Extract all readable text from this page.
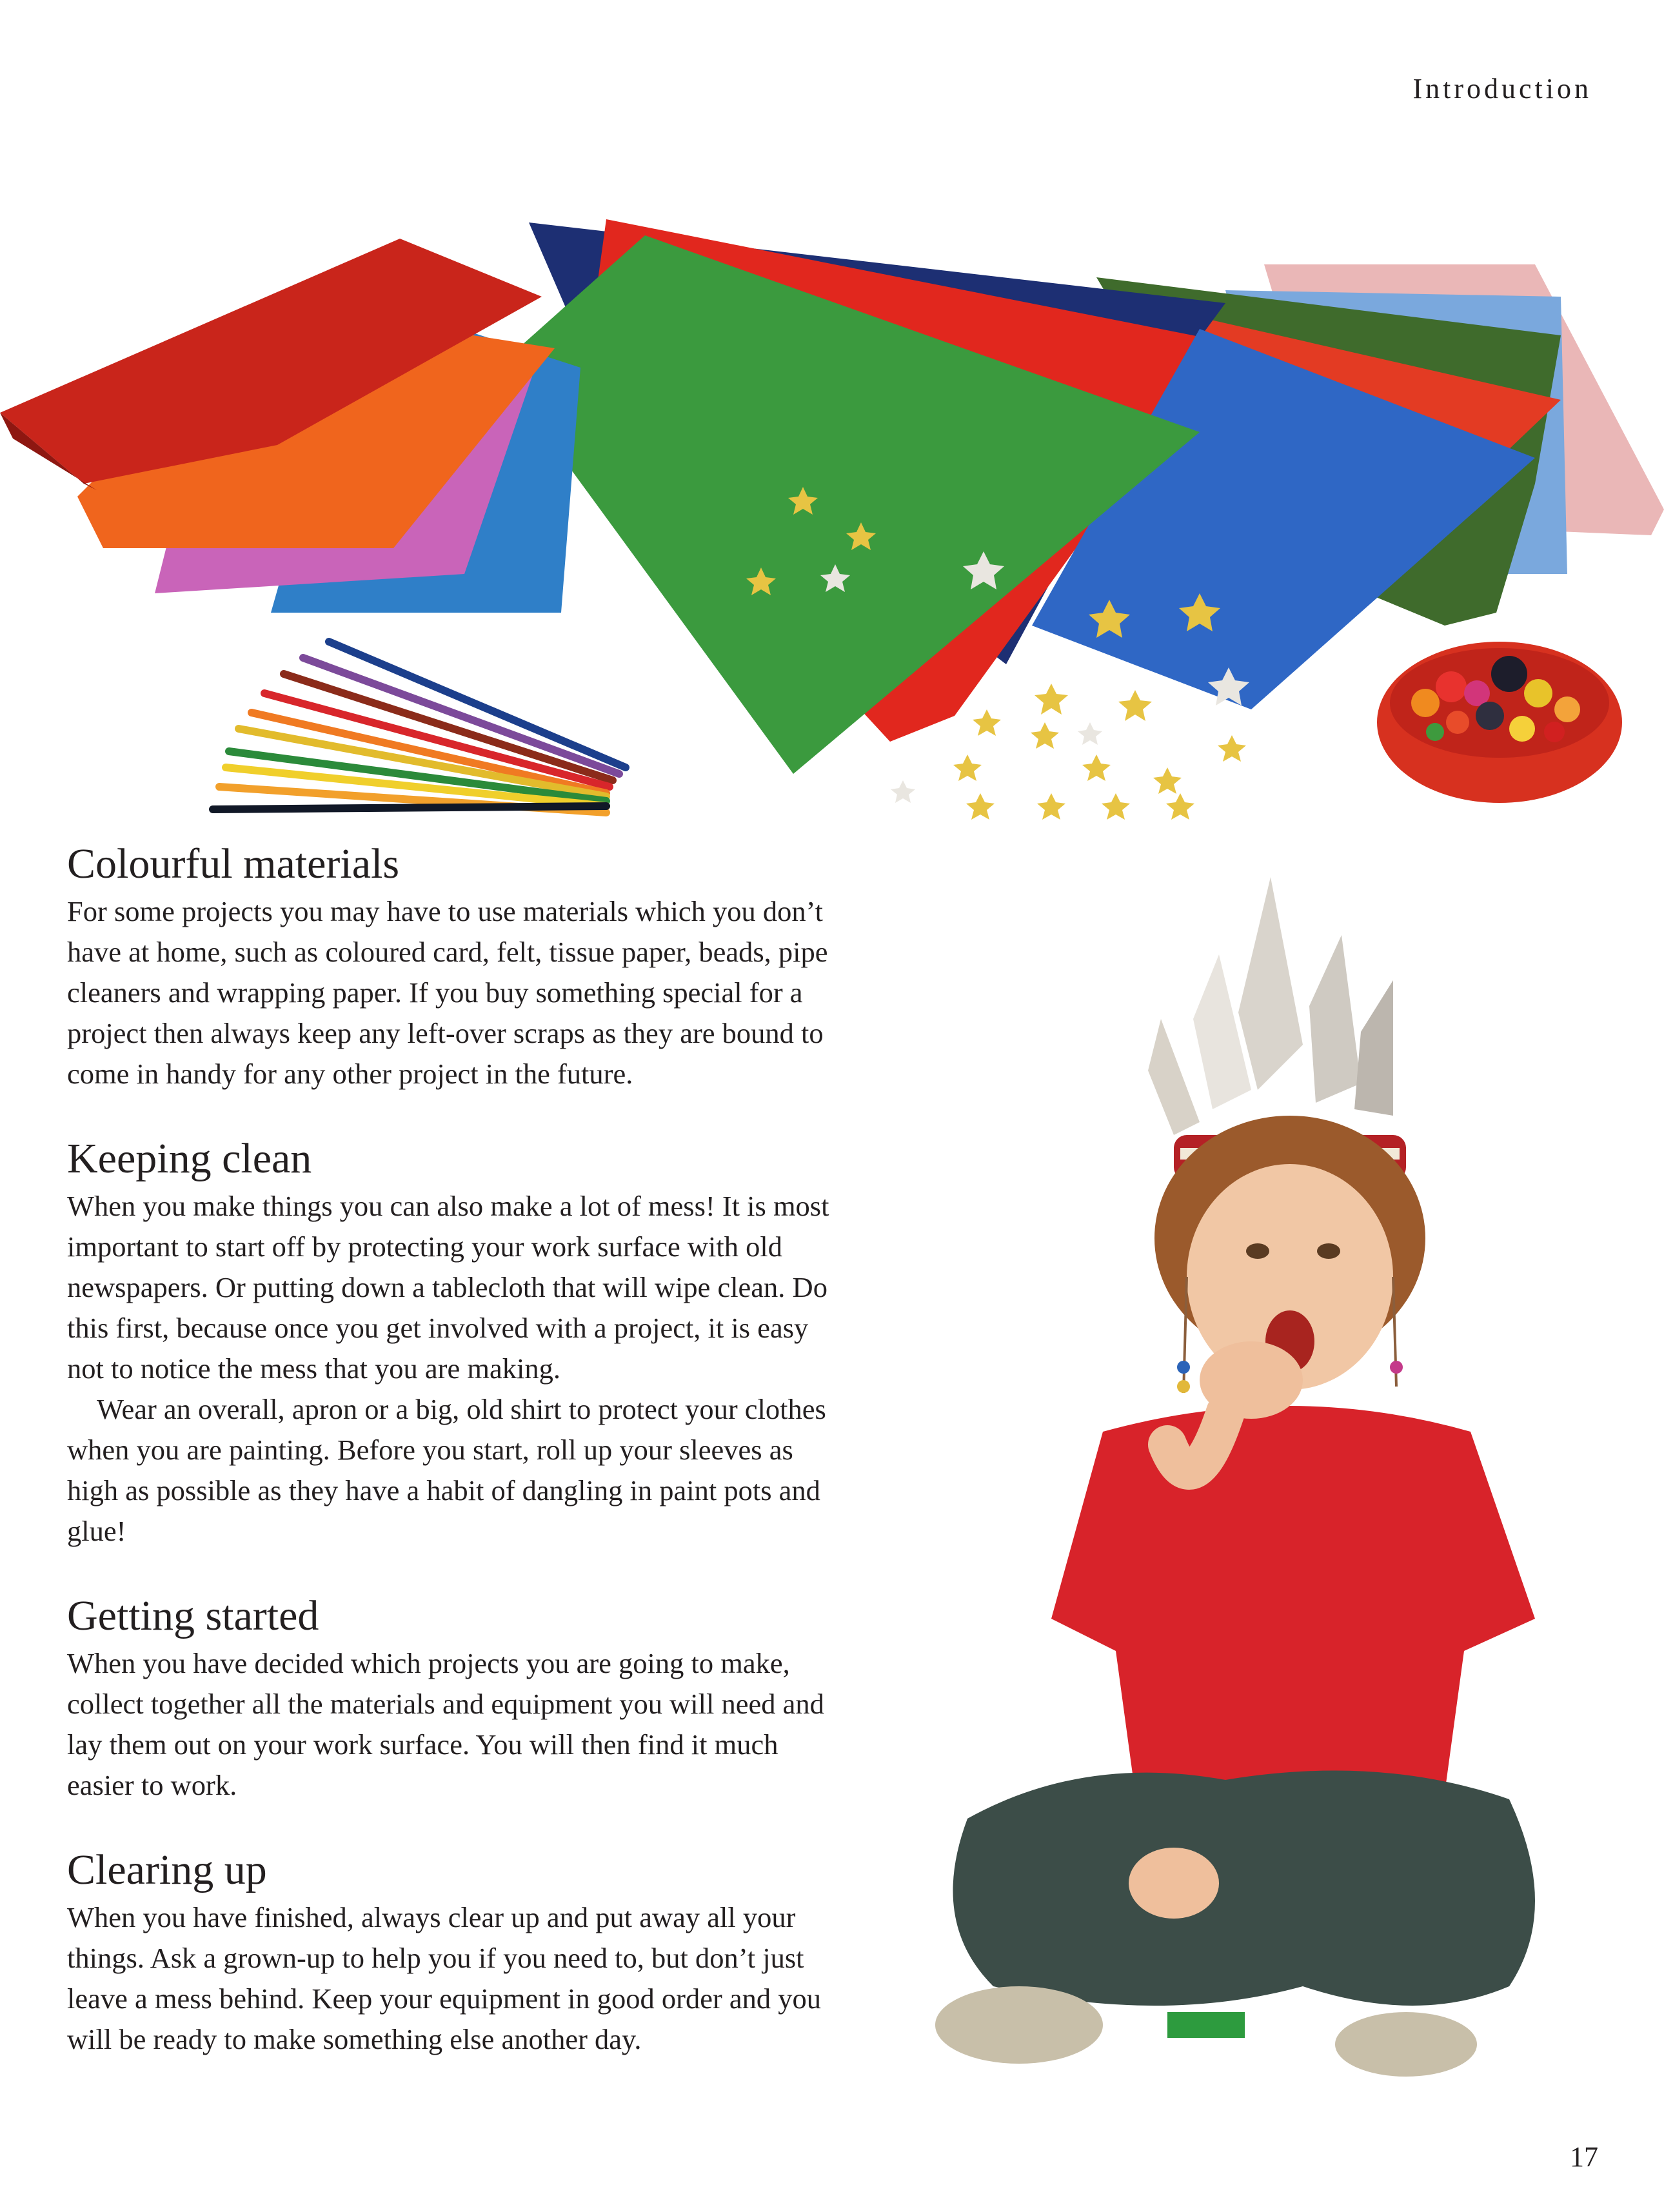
Introduction
Colourful materials

For some projects you may have to use materials which you don’t have at home, such as coloured card, felt, tissue paper, beads, pipe cleaners and wrapping paper. If you buy something special for a project then always keep any left-over scraps as they are bound to come in handy for any other project in the future.

Keeping clean

When you make things you can also make a lot of mess! It is most important to start off by protecting your work surface with old newspapers. Or putting down a tablecloth that will wipe clean. Do this first, because once you get involved with a project, it is easy not to notice the mess that you are making.

Wear an overall, apron or a big, old shirt to protect your clothes when you are painting. Before you start, roll up your sleeves as high as possible as they have a habit of dangling in paint pots and glue!

Getting started

When you have decided which projects you are going to make, collect together all the materials and equipment you will need and lay them out on your work surface. You will then find it much easier to work.

Clearing up

When you have finished, always clear up and put away all your things. Ask a grown-up to help you if you need to, but don’t just leave a mess behind. Keep your equipment in good order and you will be ready to make something else another day.

17
